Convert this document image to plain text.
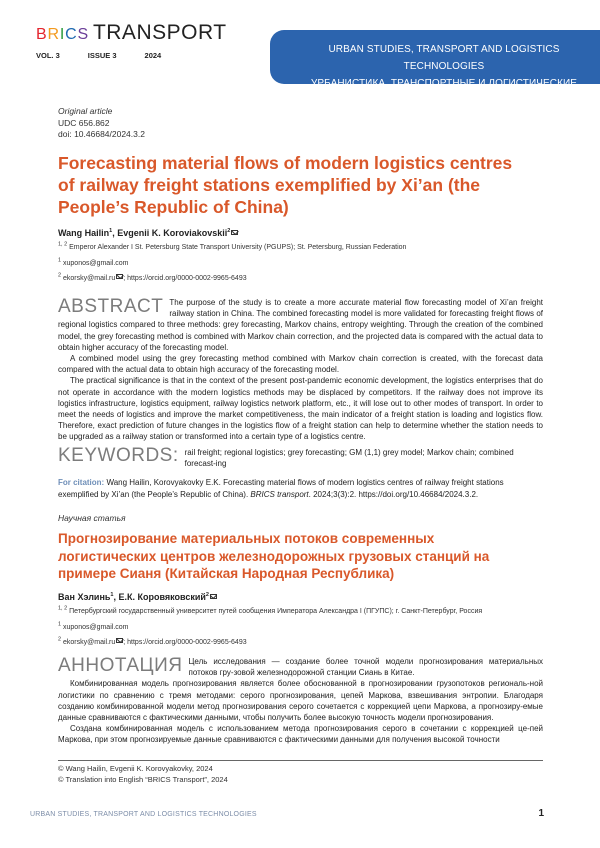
BRICS TRANSPORT
VOL. 3	ISSUE 3	2024
URBAN STUDIES, TRANSPORT AND LOGISTICS TECHNOLOGIES
УРБАНИСТИКА, ТРАНСПОРТНЫЕ И ЛОГИСТИЧЕСКИЕ ТЕХНОЛОГИИ
Original article
UDC 656.862
doi: 10.46684/2024.3.2
Forecasting material flows of modern logistics centres of railway freight stations exemplified by Xi’an (the People’s Republic of China)
Wang Hailin$^1$, Evgenii K. Koroviakovskii$^2$
$^{1, 2}$ Emperor Alexander I St. Petersburg State Transport University (PGUPS); St. Petersburg, Russian Federation
$^1$ xuponos@gmail.com
$^2$ ekorsky@mail.ru ; https://orcid.org/0000-0002-9965-6493
ABSTRACT The purpose of the study is to create a more accurate material flow forecasting model of Xi’an freight railway station in China. The combined forecasting model is more validated for forecasting freight flows of regional logistics compared to three methods: grey forecasting, Markov chains, entropy weighting. Through the creation of the combined model, the grey forecasting method is combined with Markov chain correction, and the projected data is compared with the actual data to obtain higher accuracy of the forecasting model.

A combined model using the grey forecasting method combined with Markov chain correction is created, with the forecast data compared with the actual data to obtain high accuracy of the forecasting model.

The practical significance is that in the context of the present post-pandemic economic development, the logistics enterprises that do not operate in accordance with the modern logistics methods may be displaced by competitors. If the railway does not improve its logistics infrastructure, logistics equipment, railway logistics network platform, etc., it will lose out to other modes of transport. In order to meet the needs of logistics and improve the market competitiveness, the main indicator of a freight station is loading and logistics flow. Therefore, exact prediction of future changes in the logistics flow of a freight station can help to determine whether the station needs to be upgraded as a railway station or transformed into a certain type of a logistics centre.

KEYWORDS: rail freight; regional logistics; grey forecasting; GM (1,1) grey model; Markov chain; combined forecast-ing
For citation: Wang Hailin, Korovyakovky E.K. Forecasting material flows of modern logistics centres of railway freight stations exemplified by Xi’an (the People’s Republic of China). BRICS transport. 2024;3(3):2. https://doi.org/10.46684/2024.3.2.
Научная статья
Прогнозирование материальных потоков современных логистических центров железнодорожных грузовых станций на примере Сианя (Китайская Народная Республика)
Ван Хэлинь$^1$, Е.К. Коровяковский$^2$
$^{1, 2}$ Петербургский государственный университет путей сообщения Императора Александра I (ПГУПС); г. Санкт-Петербург, Россия
$^1$ xuponos@gmail.com
$^2$ ekorsky@mail.ru ; https://orcid.org/0000-0002-9965-6493
АННОТАЦИЯ Цель исследования — создание более точной модели прогнозирования материальных потоков гру-зовой железнодорожной станции Сиань в Китае.

Комбинированная модель прогнозирования является более обоснованной в прогнозировании грузопотоков региональ-ной логистики по сравнению с тремя методами: серого прогнозирования, цепей Маркова, взвешивания энтропии. Благодаря созданию комбинированной модели метод прогнозирования серого сочетается с коррекцией цепи Маркова, а прогнозиру-емые данные сравниваются с фактическими данными, чтобы получить более высокую точность модели прогнозирования.

Создана комбинированная модель с использованием метода прогнозирования серого в сочетании с коррекцией це-пей Маркова, при этом прогнозируемые данные сравниваются с фактическими данными для получения высокой точности

© Wang Hailin, Evgenii K. Korovyakovky, 2024
© Translation into English “BRICS Transport”, 2024
URBAN STUDIES, TRANSPORT AND LOGISTICS TECHNOLOGIES	1
